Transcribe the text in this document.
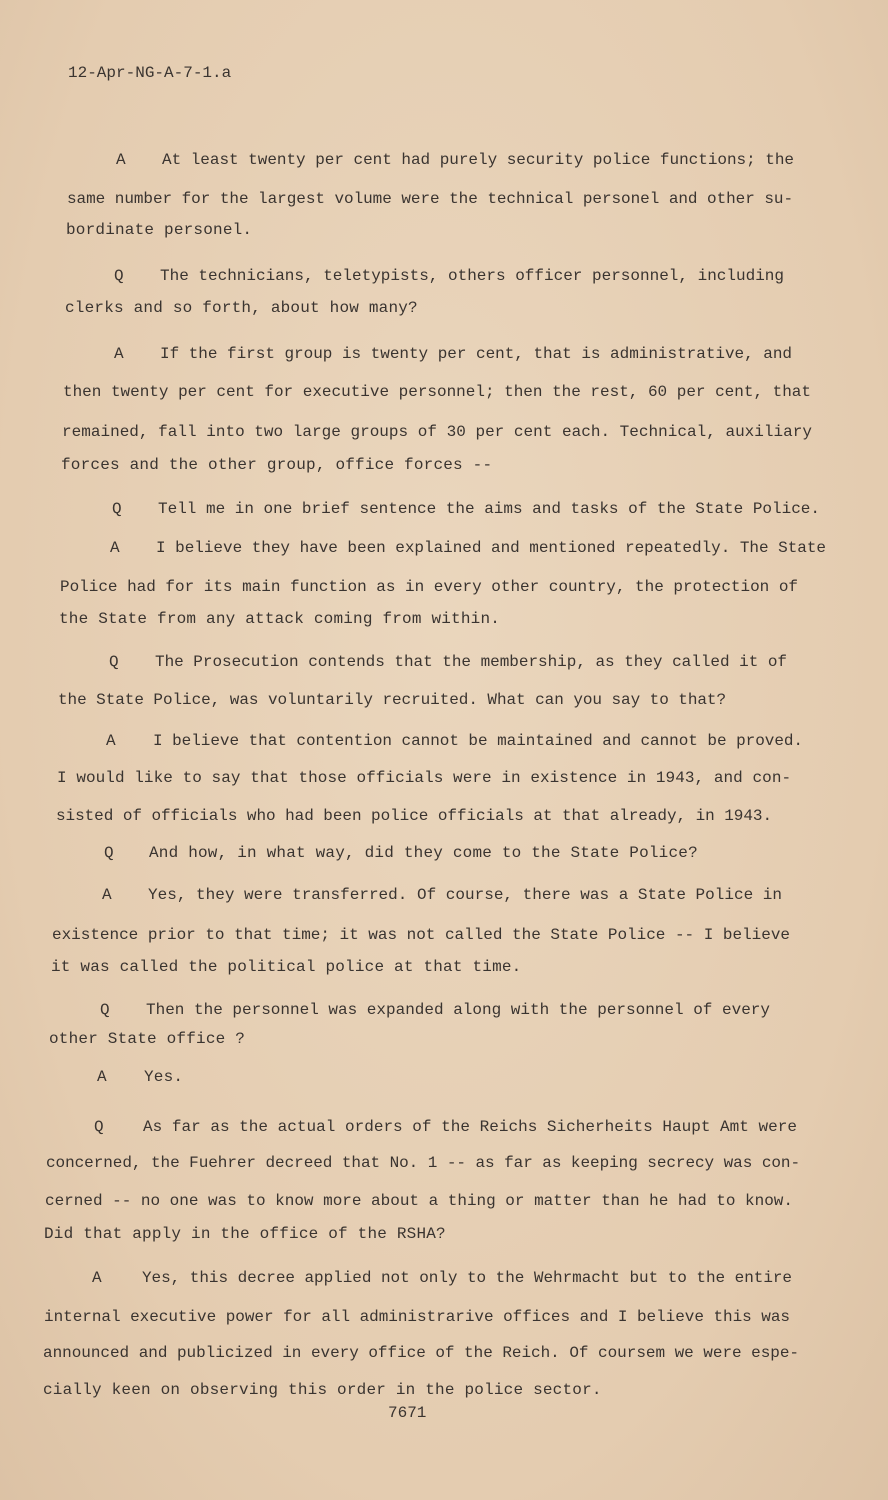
12-Apr-NG-A-7-1.a
A At least twenty per cent had purely security police functions; the
same number for the largest volume were the technical personel and other su-
bordinate personel.
Q The technicians, teletypists, others officer personnel, including
clerks and so forth, about how many?
A If the first group is twenty per cent, that is administrative, and
then twenty per cent for executive personnel; then the rest, 60 per cent, that
remained, fall into two large groups of 30 per cent each. Technical, auxiliary
forces and the other group, office forces --
Q Tell me in one brief sentence the aims and tasks of the State Police.
A I believe they have been explained and mentioned repeatedly. The State
Police had for its main function as in every other country, the protection of
the State from any attack coming from within.
Q The Prosecution contends that the membership, as they called it of
the State Police, was voluntarily recruited. What can you say to that?
A I believe that contention cannot be maintained and cannot be proved.
I would like to say that those officials were in existence in 1943, and con-
sisted of officials who had been police officials at that already, in 1943.
Q And how, in what way, did they come to the State Police?
A Yes, they were transferred. Of course, there was a State Police in
existence prior to that time; it was not called the State Police -- I believe
it was called the political police at that time.
Q Then the personnel was expanded along with the personnel of every
other State office ?
A Yes.
Q As far as the actual orders of the Reichs Sicherheits Haupt Amt were
concerned, the Fuehrer decreed that No. 1 -- as far as keeping secrecy was con-
cerned -- no one was to know more about a thing or matter than he had to know.
Did that apply in the office of the RSHA?
A	Yes, this decree applied not only to the Wehrmacht but to the entire
internal executive power for all administrarive offices and I believe this was
announced and publicized in every office of the Reich. Of coursem we were espe-
cially keen on observing this order in the police sector.
7671
